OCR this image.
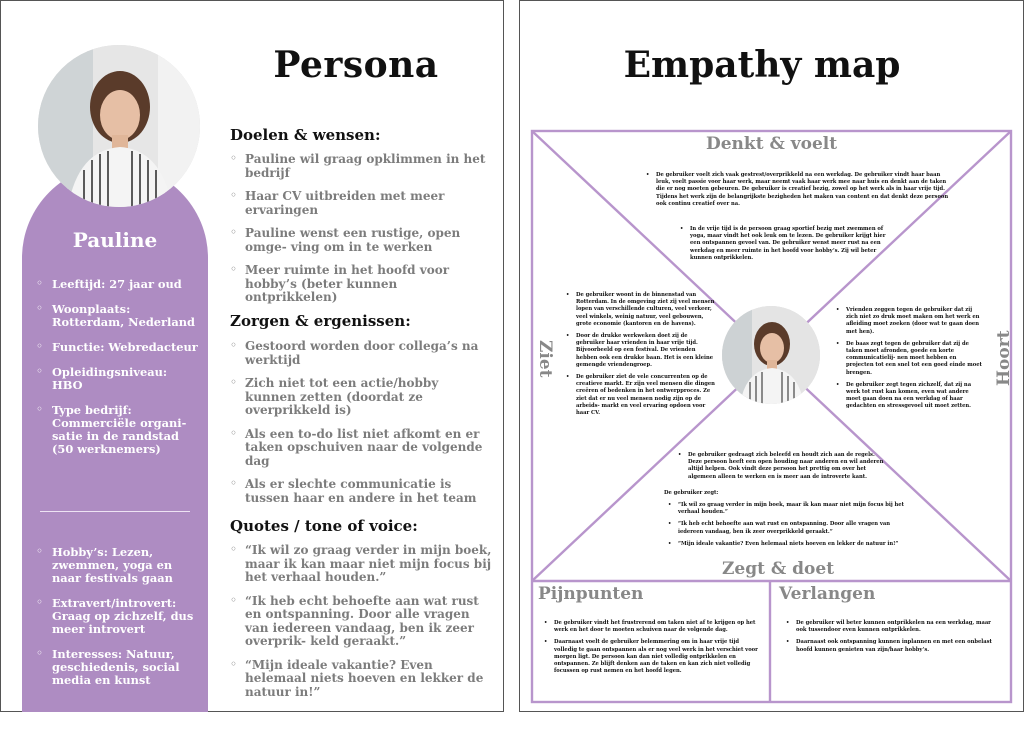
Pauline
◦ Leeftijd: 27 jaar oud
◦ Woonplaats: Rotterdam, Nederland
◦ Functie: Webredacteur
◦ Opleidingsniveau: HBO
◦ Type bedrijf: Commerciële organi- satie in de randstad (50 werknemers)
◦ Hobby’s: Lezen, zwemmen, yoga en naar festivals gaan
◦ Extravert/introvert: Graag op zichzelf, dus meer introvert
◦ Interesses: Natuur, geschiedenis, social media en kunst
Persona
Doelen & wensen:
◦ Pauline wil graag opklimmen in het bedrijf
◦ Haar CV uitbreiden met meer ervaringen
◦ Pauline wenst een rustige, open omge- ving om in te werken
◦ Meer ruimte in het hoofd voor hobby’s (beter kunnen ontprikkelen)
Zorgen & ergenissen:
◦ Gestoord worden door collega’s na werktijd
◦ Zich niet tot een actie/hobby kunnen zetten (doordat ze overprikkeld is)
◦ Als een to-do list niet afkomt en er taken opschuiven naar de volgende dag
◦ Als er slechte communicatie is tussen haar en andere in het team
Quotes / tone of voice:
◦ “Ik wil zo graag verder in mijn boek, maar ik kan maar niet mijn focus bij het verhaal houden.”
◦ “Ik heb echt behoefte aan wat rust en ontspanning. Door alle vragen van iedereen vandaag, ben ik zeer overprik- keld geraakt.”
◦ “Mijn ideale vakantie? Even helemaal niets hoeven en lekker de natuur in!”
Empathy map
Denkt & voelt
• De gebruiker voelt zich vaak gestrest/overprikkeld na een werkdag. De gebruiker vindt haar baan leuk, voelt passie voor haar werk, maar neemt vaak haar werk mee naar huis en denkt aan de taken die er nog moeten gebeuren. De gebruiker is creatief bezig, zowel op het werk als in haar vrije tijd. Tijdens het werk zijn de belangrijkste bezigheden het maken van content en dat denkt deze persoon ook continu creatief over na.
• In de vrije tijd is de persoon graag sportief bezig met zwemmen of yoga, maar vindt het ook leuk om te lezen. De gebruiker krijgt hier een ontspannen gevoel van. De gebruiker wenst meer rust na een werkdag en meer ruimte in het hoofd voor hobby’s. Zij wil beter kunnen ontprikkelen.
Ziet
• De gebruiker woont in de binnenstad van Rotterdam. In de omgeving ziet zij veel mensen lopen van verschillende culturen, veel verkeer, veel winkels, weinig natuur, veel gebouwen, grote economie (kantoren en de havens).
• Door de drukke werkweken doet zij de gebruiker haar vrienden in haar vrije tijd. Bijvoorbeeld op een festival. De vrienden hebben ook een drukke baan. Het is een kleine gemengde vriendengroep.
• De gebruiker ziet de vele concurrenten op de creatieve markt. Er zijn veel mensen die dingen creëren of bedenken in het ontwerpproces. Ze ziet dat er nu veel mensen nodig zijn op de arbeids- markt en veel ervaring opdoen voor haar CV.
Hoort
• Vrienden zeggen tegen de gebruiker dat zij zich niet zo druk moet maken om het werk en afleiding moet zoeken (door wat te gaan doen met hen).
• De baas zegt tegen de gebruiker dat zij de taken moet afronden, goede en korte communicatielij- nen moet hebben en projecten tot een snel tot een goed einde moet brengen.
• De gebruiker zegt tegen zichzelf, dat zij na werk tot rust kan komen, even wat andere moet gaan doen na een werkdag of haar gedachten en stressgevoel uit moet zetten.
• De gebruiker gedraagt zich beleefd en houdt zich aan de regels. Deze persoon heeft een open houding naar anderen en wil anderen altijd helpen. Ook vindt deze persoon het prettig om over het algemeen alleen te werken en is meer aan de introverte kant.
De gebruiker zegt:
• “Ik wil zo graag verder in mijn boek, maar ik kan maar niet mijn focus bij het verhaal houden.”
• “Ik heb echt behoefte aan wat rust en ontspanning. Door alle vragen van iedereen vandaag, ben ik zeer overprikkeld geraakt.”
• “Mijn ideale vakantie? Even helemaal niets hoeven en lekker de natuur in!”
Zegt & doet
Pijnpunten
• De gebruiker vindt het frustrerend om taken niet af te krijgen op het werk en het door te moeten schuiven naar de volgende dag.
• Daarnaast voelt de gebruiker belemmering om in haar vrije tijd volledig te gaan ontspannen als er nog veel werk in het verschiet voor morgen ligt. De persoon kan dan niet volledig ontprikkelen en ontspannen. Ze blijft denken aan de taken en kan zich niet volledig focussen op rust nemen en het hoofd legen.
Verlangen
• De gebruiker wil beter kunnen ontprikkelen na een werkdag, maar ook tussendoor even kunnen ontprikkelen.
• Daarnaast ook ontspanning kunnen inplannen en met een onbelast hoofd kunnen genieten van zijn/haar hobby’s.
